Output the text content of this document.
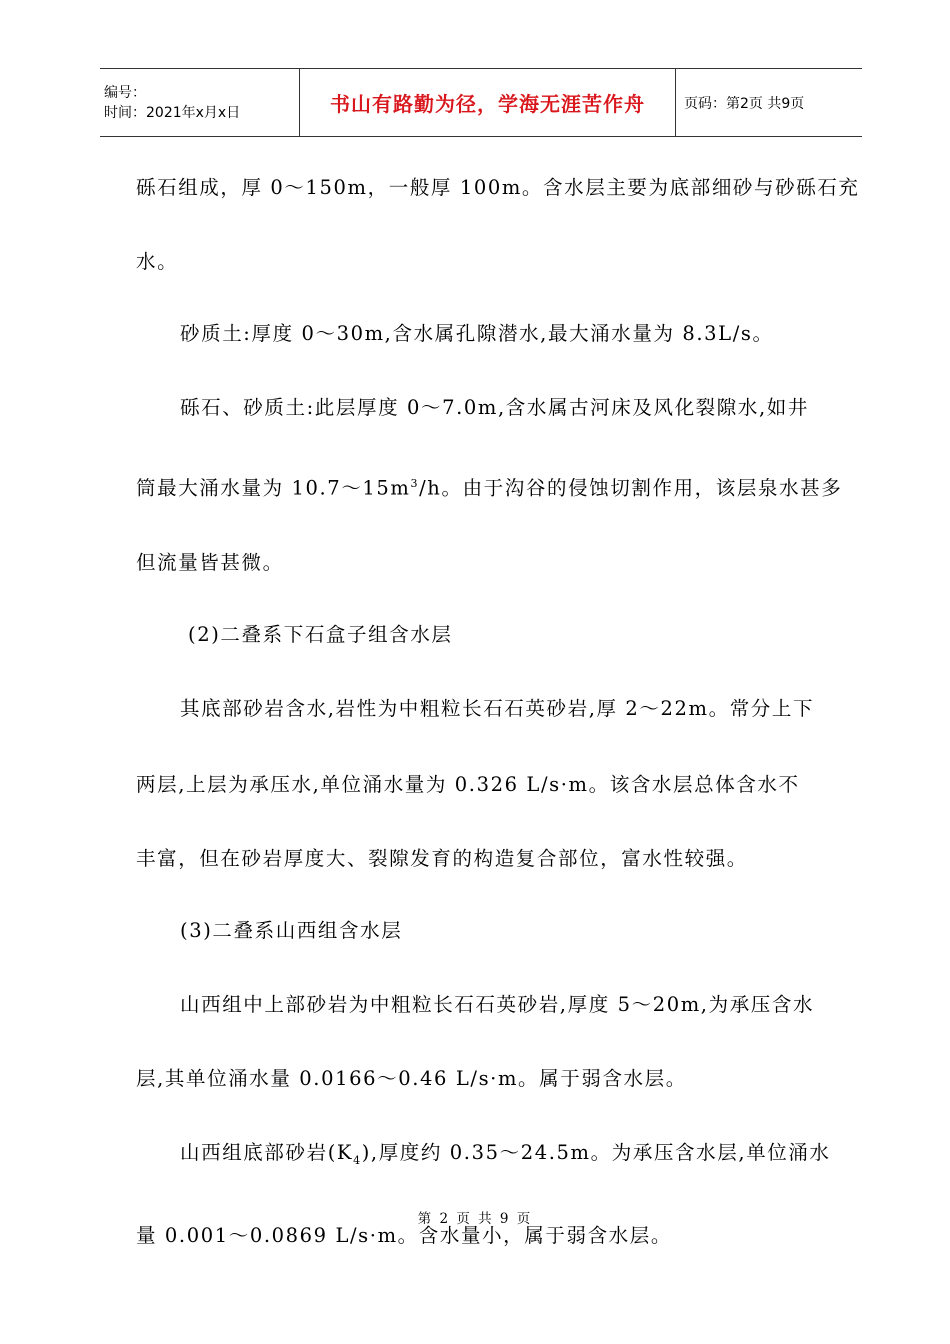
编号：
时间：2021年x月x日	书山有路勤为径，学海无涯苦作舟	页码：第2页 共9页

砾石组成，厚 0～150m，一般厚 100m。含水层主要为底部细砂与砂砾石充

水。

砂质土:厚度 0～30m,含水属孔隙潜水,最大涌水量为 8.3L/s。

砾石、砂质土:此层厚度 0～7.0m,含水属古河床及风化裂隙水,如井

筒最大涌水量为 $10.7\sim 15m^3/h$。由于沟谷的侵蚀切割作用，该层泉水甚多

但流量皆甚微。

(2)二叠系下石盒子组含水层

其底部砂岩含水,岩性为中粗粒长石石英砂岩,厚 2～22m。常分上下

两层,上层为承压水,单位涌水量为 0.326 L/s·m。该含水层总体含水不

丰富，但在砂岩厚度大、裂隙发育的构造复合部位，富水性较强。

(3)二叠系山西组含水层

山西组中上部砂岩为中粗粒长石石英砂岩,厚度 5～20m,为承压含水

层,其单位涌水量 0.0166～0.46 L/s·m。属于弱含水层。

山西组底部砂岩$(K_4)$,厚度约 0.35～24.5m。为承压含水层,单位涌水

量 0.001～0.0869 L/s·m。含水量小，属于弱含水层。

第 2 页 共 9 页
